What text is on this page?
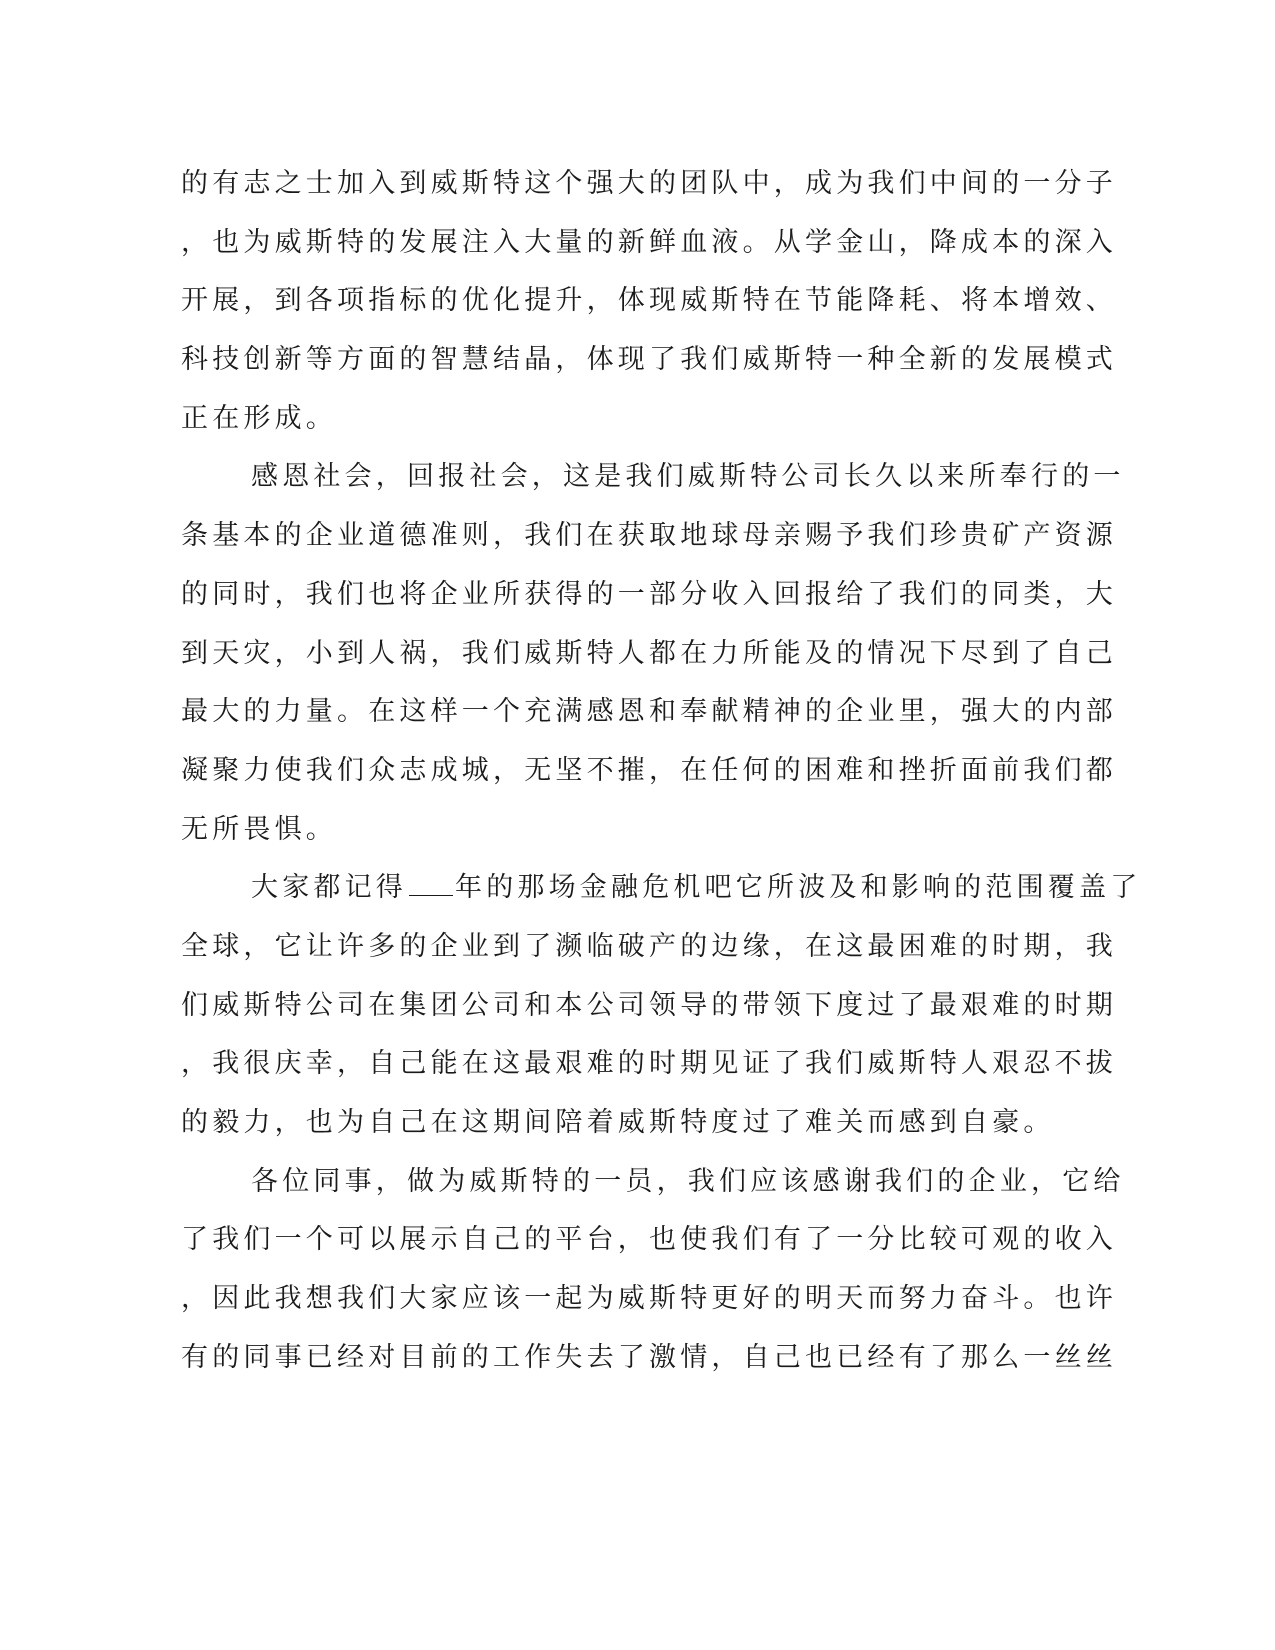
的有志之士加入到威斯特这个强大的团队中，成为我们中间的一分子
，也为威斯特的发展注入大量的新鲜血液。从学金山，降成本的深入
开展，到各项指标的优化提升，体现威斯特在节能降耗、将本增效、
科技创新等方面的智慧结晶，体现了我们威斯特一种全新的发展模式
正在形成。
感恩社会，回报社会，这是我们威斯特公司长久以来所奉行的一
条基本的企业道德准则，我们在获取地球母亲赐予我们珍贵矿产资源
的同时，我们也将企业所获得的一部分收入回报给了我们的同类，大
到天灾，小到人祸，我们威斯特人都在力所能及的情况下尽到了自己
最大的力量。在这样一个充满感恩和奉献精神的企业里，强大的内部
凝聚力使我们众志成城，无坚不摧，在任何的困难和挫折面前我们都
无所畏惧。
大家都记得 年的那场金融危机吧它所波及和影响的范围覆盖了
全球，它让许多的企业到了濒临破产的边缘，在这最困难的时期，我
们威斯特公司在集团公司和本公司领导的带领下度过了最艰难的时期
，我很庆幸，自己能在这最艰难的时期见证了我们威斯特人艰忍不拔
的毅力，也为自己在这期间陪着威斯特度过了难关而感到自豪。
各位同事，做为威斯特的一员，我们应该感谢我们的企业，它给
了我们一个可以展示自己的平台，也使我们有了一分比较可观的收入
，因此我想我们大家应该一起为威斯特更好的明天而努力奋斗。也许
有的同事已经对目前的工作失去了激情，自己也已经有了那么一丝丝
